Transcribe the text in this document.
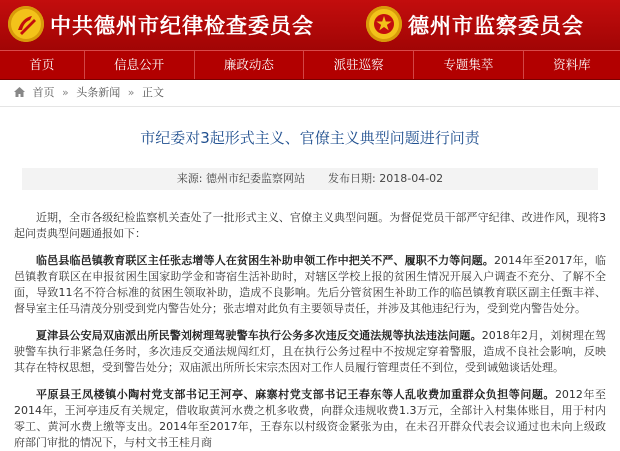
中共德州市纪律检查委员会	德州市监察委员会
首页	信息公开	廉政动态	派驻巡察	专题集萃	资料库
首页 » 头条新闻 » 正文
市纪委对3起形式主义、官僚主义典型问题进行问责
来源: 德州市纪委监察网站 发布日期: 2018-04-02

近期，全市各级纪检监察机关查处了一批形式主义、官僚主义典型问题。为督促党员干部严守纪律、改进作风，现将3起问责典型问题通报如下：

临邑县临邑镇教育联区主任张志增等人在贫困生补助申领工作中把关不严、履职不力等问题。2014年至2017年，临邑镇教育联区在申报贫困生国家助学金和寄宿生活补助时，对辖区学校上报的贫困生情况开展入户调查不充分、了解不全面，导致11名不符合标准的贫困生领取补助，造成不良影响。先后分管贫困生补助工作的临邑镇教育联区副主任甄丰祥、督导室主任马清茂分别受到党内警告处分；张志增对此负有主要领导责任，并涉及其他违纪行为，受到党内警告处分。

夏津县公安局双庙派出所民警刘树理驾驶警车执行公务多次违反交通法规等执法违法问题。2018年2月，刘树理在驾驶警车执行非紧急任务时，多次违反交通法规闯红灯，且在执行公务过程中不按规定穿着警服，造成不良社会影响，反映其存在特权思想，受到警告处分；双庙派出所所长宋宗杰因对工作人员履行管理责任不到位，受到诫勉谈话处理。

平原县王凤楼镇小陶村党支部书记王河亭、麻寨村党支部书记王春东等人乱收费加重群众负担等问题。2012年至2014年，王河亭违反有关规定，借收取黄河水费之机多收费，向群众违规收费1.3万元，全部计入村集体账目，用于村内零工、黄河水费上缴等支出。2014年至2017年，王春东以村级资金紧张为由，在未召开群众代表会议通过也未向上级政府部门审批的情况下，与村文书王桂月商
